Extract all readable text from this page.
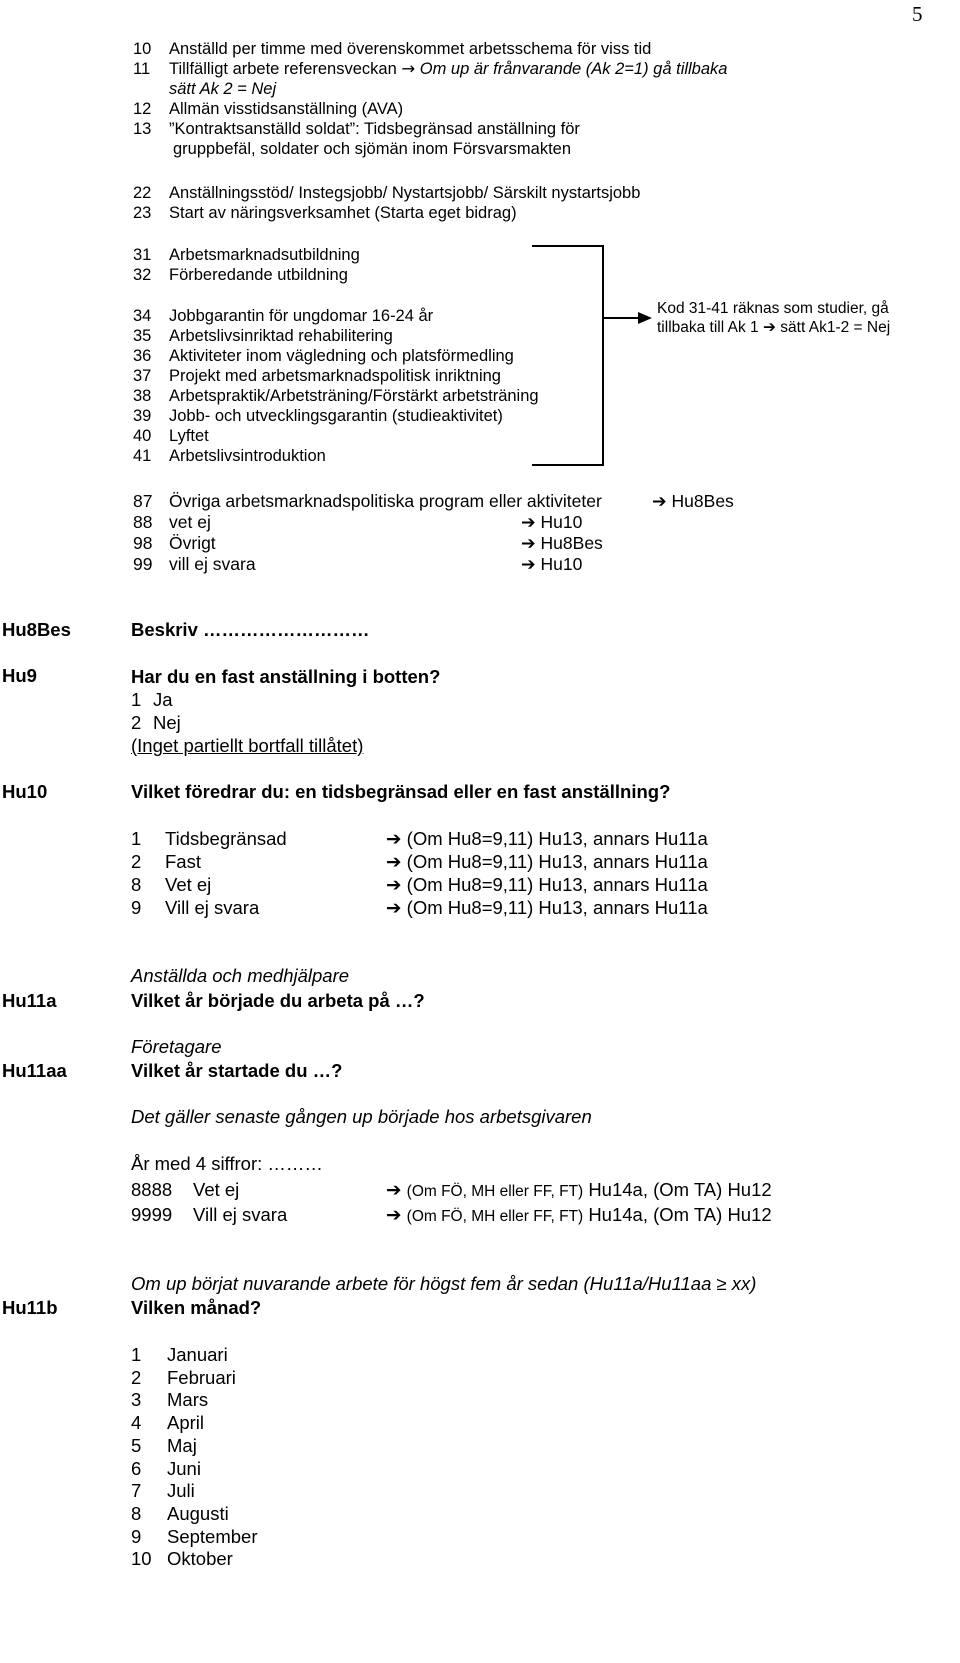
5
10 Anställd per timme med överenskommet arbetsschema för viss tid
11 Tillfälligt arbete referensveckan → Om up är frånvarande (Ak 2=1) gå tillbaka
sätt Ak 2 = Nej
12 Allmän visstidsanställning (AVA)
13 ”Kontraktsanställd soldat”: Tidsbegränsad anställning för
gruppbefäl, soldater och sjömän inom Försvarsmakten
22 Anställningsstöd/ Instegsjobb/ Nystartsjobb/ Särskilt nystartsjobb
23 Start av näringsverksamhet (Starta eget bidrag)
31 Arbetsmarknadsutbildning
32 Förberedande utbildning
34 Jobbgarantin för ungdomar 16-24 år
35 Arbetslivsinriktad rehabilitering
36 Aktiviteter inom vägledning och platsförmedling
37 Projekt med arbetsmarknadspolitisk inriktning
38 Arbetspraktik/Arbetsträning/Förstärkt arbetsträning
39 Jobb- och utvecklingsgarantin (studieaktivitet)
40 Lyftet
41 Arbetslivsintroduktion
Kod 31-41 räknas som studier, gå
tillbaka till Ak 1 ➔ sätt Ak1-2 = Nej
87 Övriga arbetsmarknadspolitiska program eller aktiviteter	➔ Hu8Bes
88 vet ej	➔ Hu10
98 Övrigt	➔ Hu8Bes
99 vill ej svara	➔ Hu10
Hu8Bes	Beskriv ………………………
Hu9	Har du en fast anställning i botten?
1 Ja
2 Nej
(Inget partiellt bortfall tillåtet)
Hu10	Vilket föredrar du: en tidsbegränsad eller en fast anställning?
1 Tidsbegränsad	➔ (Om Hu8=9,11) Hu13, annars Hu11a
2 Fast	➔ (Om Hu8=9,11) Hu13, annars Hu11a
8 Vet ej	➔ (Om Hu8=9,11) Hu13, annars Hu11a
9 Vill ej svara	➔ (Om Hu8=9,11) Hu13, annars Hu11a
Anställda och medhjälpare
Hu11a	Vilket år började du arbeta på …?
Företagare
Hu11aa	Vilket år startade du …?
Det gäller senaste gången up började hos arbetsgivaren
År med 4 siffror: ………
8888 Vet ej	➔ (Om FÖ, MH eller FF, FT) Hu14a, (Om TA) Hu12
9999 Vill ej svara	➔ (Om FÖ, MH eller FF, FT) Hu14a, (Om TA) Hu12
Om up börjat nuvarande arbete för högst fem år sedan (Hu11a/Hu11aa ≥ xx)
Hu11b	Vilken månad?
1 Januari
2 Februari
3 Mars
4 April
5 Maj
6 Juni
7 Juli
8 Augusti
9 September
10 Oktober
